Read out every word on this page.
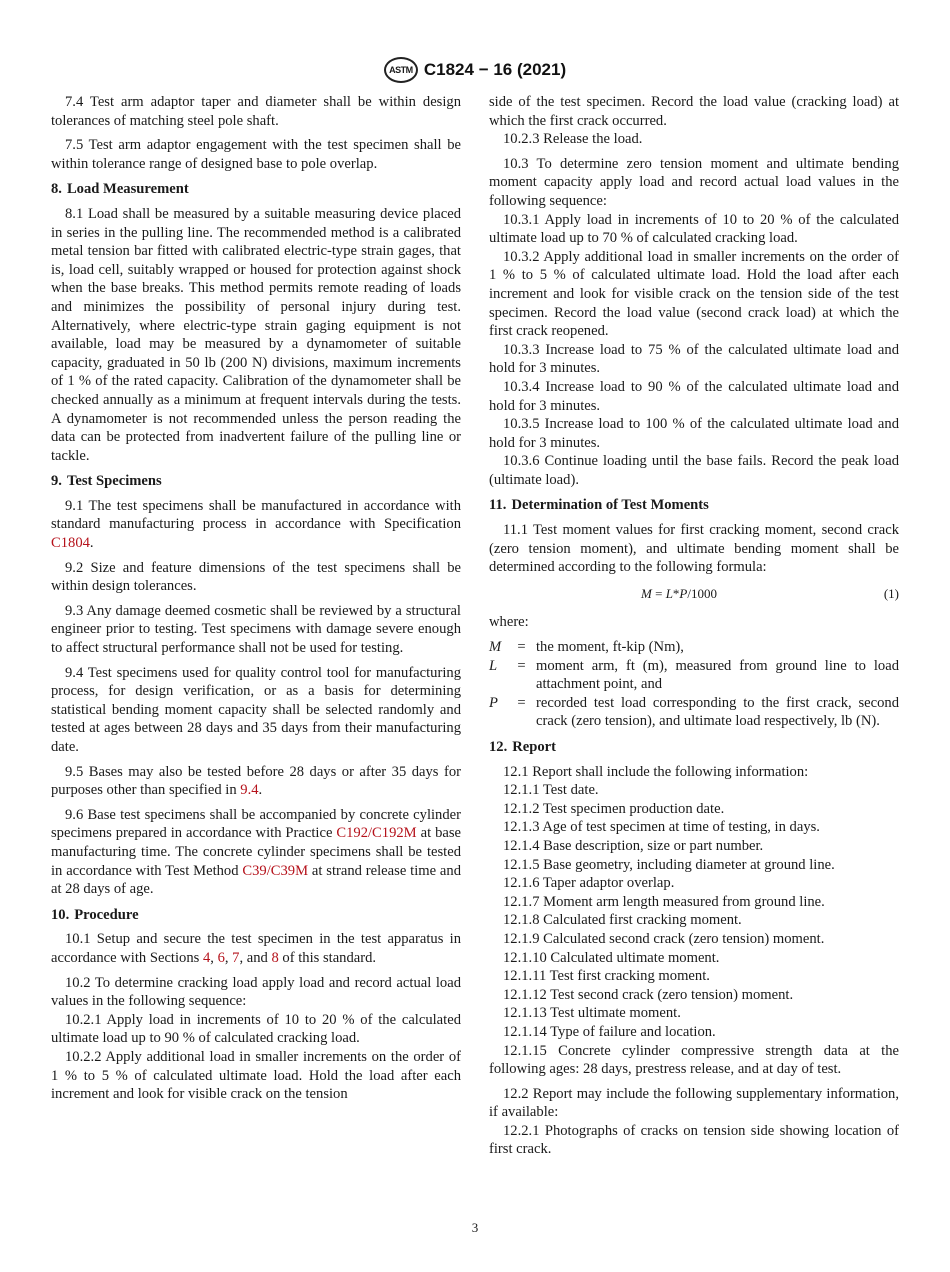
ASTM C1824 − 16 (2021)

7.4 Test arm adaptor taper and diameter shall be within design tolerances of matching steel pole shaft.

7.5 Test arm adaptor engagement with the test specimen shall be within tolerance range of designed base to pole overlap.

8. Load Measurement

8.1 Load shall be measured by a suitable measuring device placed in series in the pulling line. The recommended method is a calibrated metal tension bar fitted with calibrated electric-type strain gages, that is, load cell, suitably wrapped or housed for protection against shock when the base breaks. This method permits remote reading of loads and minimizes the possibility of personal injury during test. Alternatively, where electric-type strain gaging equipment is not available, load may be measured by a dynamometer of suitable capacity, graduated in 50 lb (200 N) divisions, maximum increments of 1 % of the rated capacity. Calibration of the dynamometer shall be checked annually as a minimum at frequent intervals during the tests. A dynamometer is not recommended unless the person reading the data can be protected from inadvertent failure of the pulling line or tackle.

9. Test Specimens

9.1 The test specimens shall be manufactured in accordance with standard manufacturing process in accordance with Specification C1804.

9.2 Size and feature dimensions of the test specimens shall be within design tolerances.

9.3 Any damage deemed cosmetic shall be reviewed by a structural engineer prior to testing. Test specimens with damage severe enough to affect structural performance shall not be used for testing.

9.4 Test specimens used for quality control tool for manufacturing process, for design verification, or as a basis for determining statistical bending moment capacity shall be selected randomly and tested at ages between 28 days and 35 days from their manufacturing date.

9.5 Bases may also be tested before 28 days or after 35 days for purposes other than specified in 9.4.

9.6 Base test specimens shall be accompanied by concrete cylinder specimens prepared in accordance with Practice C192/C192M at base manufacturing time. The concrete cylinder specimens shall be tested in accordance with Test Method C39/C39M at strand release time and at 28 days of age.

10. Procedure

10.1 Setup and secure the test specimen in the test apparatus in accordance with Sections 4, 6, 7, and 8 of this standard.

10.2 To determine cracking load apply load and record actual load values in the following sequence:

10.2.1 Apply load in increments of 10 to 20 % of the calculated ultimate load up to 90 % of calculated cracking load.

10.2.2 Apply additional load in smaller increments on the order of 1 % to 5 % of calculated ultimate load. Hold the load after each increment and look for visible crack on the tension

side of the test specimen. Record the load value (cracking load) at which the first crack occurred.

10.2.3 Release the load.

10.3 To determine zero tension moment and ultimate bending moment capacity apply load and record actual load values in the following sequence:

10.3.1 Apply load in increments of 10 to 20 % of the calculated ultimate load up to 70 % of calculated cracking load.

10.3.2 Apply additional load in smaller increments on the order of 1 % to 5 % of calculated ultimate load. Hold the load after each increment and look for visible crack on the tension side of the test specimen. Record the load value (second crack load) at which the first crack reopened.

10.3.3 Increase load to 75 % of the calculated ultimate load and hold for 3 minutes.

10.3.4 Increase load to 90 % of the calculated ultimate load and hold for 3 minutes.

10.3.5 Increase load to 100 % of the calculated ultimate load and hold for 3 minutes.

10.3.6 Continue loading until the base fails. Record the peak load (ultimate load).

11. Determination of Test Moments

11.1 Test moment values for first cracking moment, second crack (zero tension moment), and ultimate bending moment shall be determined according to the following formula:

M = L*P/1000	(1)

where:

M	= the moment, ft-kip (Nm),
L	= moment arm, ft (m), measured from ground line to load attachment point, and
P	= recorded test load corresponding to the first crack, second crack (zero tension), and ultimate load respectively, lb (N).
12. Report

12.1 Report shall include the following information:

12.1.1 Test date.

12.1.2 Test specimen production date.

12.1.3 Age of test specimen at time of testing, in days.

12.1.4 Base description, size or part number.

12.1.5 Base geometry, including diameter at ground line.

12.1.6 Taper adaptor overlap.

12.1.7 Moment arm length measured from ground line.

12.1.8 Calculated first cracking moment.

12.1.9 Calculated second crack (zero tension) moment.

12.1.10 Calculated ultimate moment.

12.1.11 Test first cracking moment.

12.1.12 Test second crack (zero tension) moment.

12.1.13 Test ultimate moment.

12.1.14 Type of failure and location.

12.1.15 Concrete cylinder compressive strength data at the following ages: 28 days, prestress release, and at day of test.

12.2 Report may include the following supplementary information, if available:

12.2.1 Photographs of cracks on tension side showing location of first crack.

3
